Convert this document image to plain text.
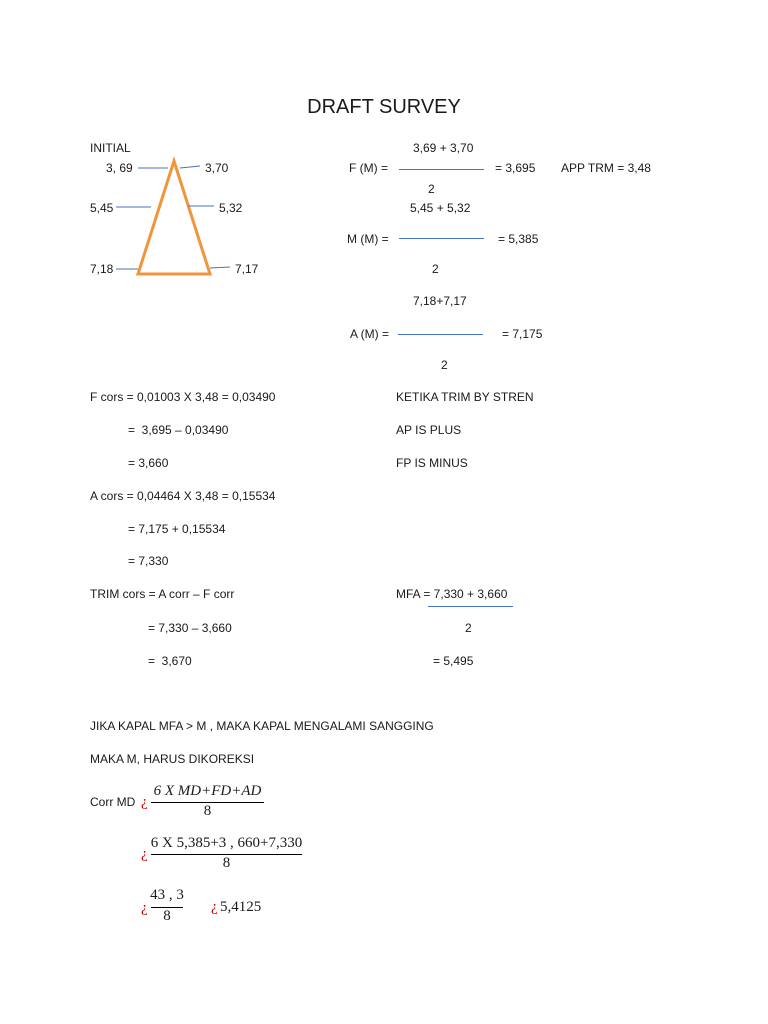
DRAFT SURVEY
INITIAL
3, 69	3,70
5,45	5,32
7,18	7,17
3,69 + 3,70
F (M) =	= 3,695 APP TRM = 3,48
2
5,45 + 5,32
M (M) =	= 5,385
2
7,18+7,17
A (M) =	= 7,175
2
F cors = 0,01003 X 3,48 = 0,03490
=  3,695 – 0,03490
= 3,660
A cors = 0,04464 X 3,48 = 0,15534
= 7,175 + 0,15534
= 7,330
TRIM cors = A corr – F corr
= 7,330 – 3,660
=  3,670
KETIKA TRIM BY STREN
AP IS PLUS
FP IS MINUS
MFA = 7,330 + 3,660
2
= 5,495
JIKA KAPAL MFA > M , MAKA KAPAL MENGALAMI SANGGING
MAKA M, HARUS DIKOREKSI
Corr MD ¿
6 X MD+FD+AD
8
¿
6 X 5,385+3 , 660+7,330
8
¿
43 , 3
8
¿ 5,4125
